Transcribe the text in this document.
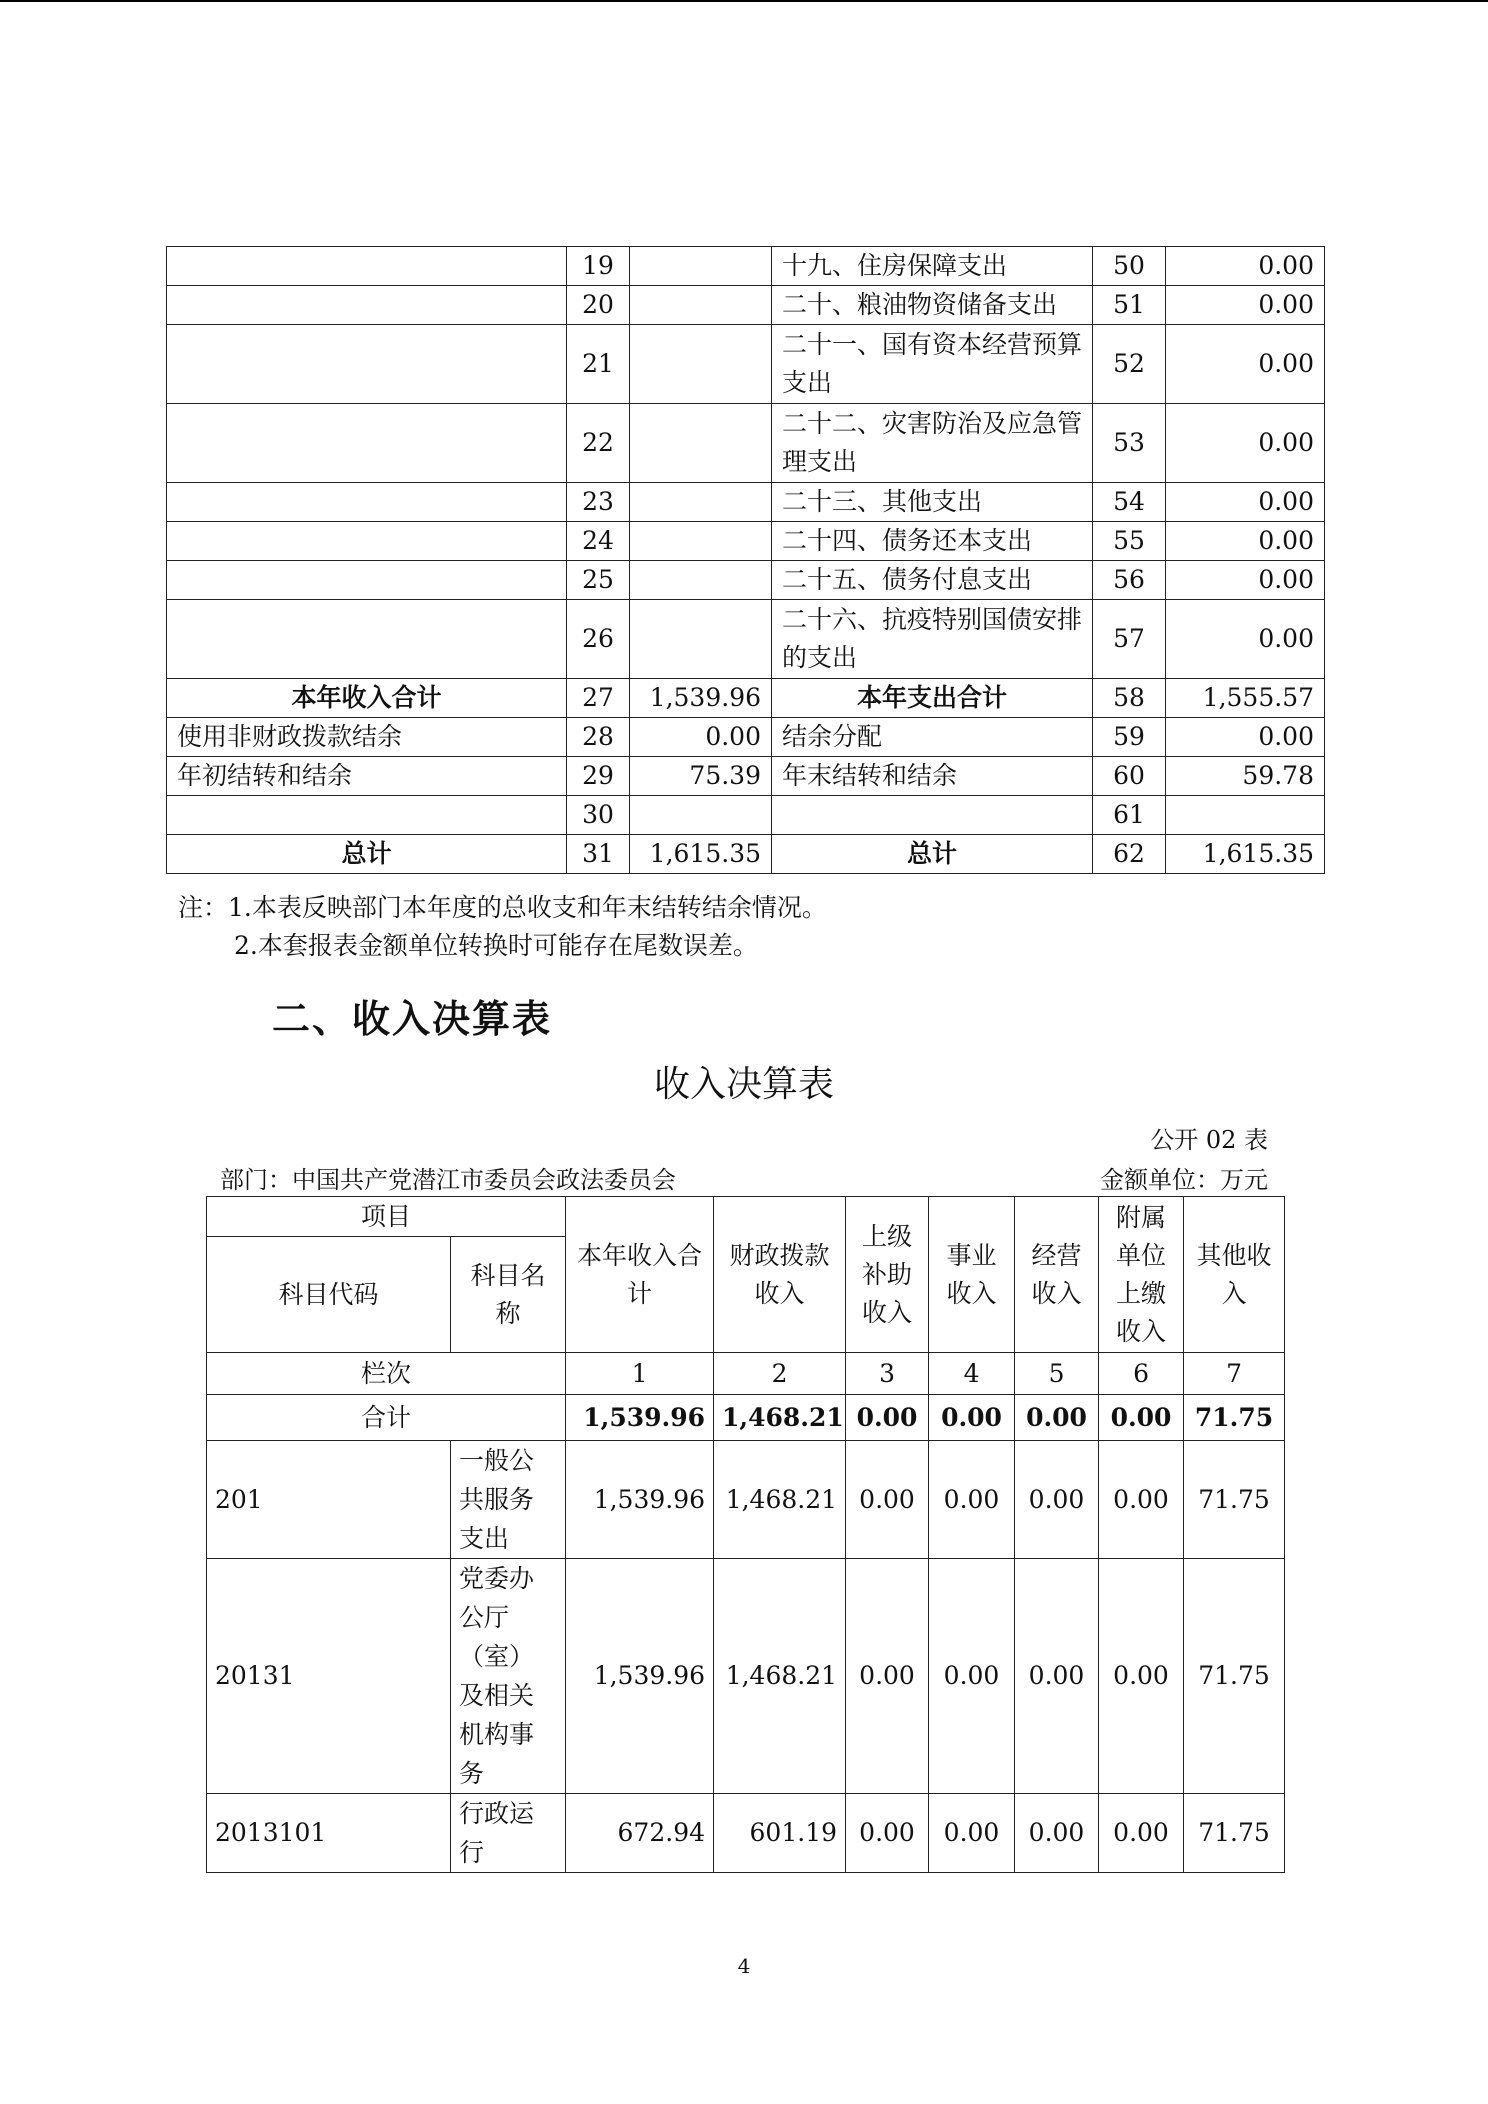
	19		十九、住房保障支出	50	0.00
	20		二十、粮油物资储备支出	51	0.00
	21		二十一、国有资本经营预算支出	52	0.00
	22		二十二、灾害防治及应急管理支出	53	0.00
	23		二十三、其他支出	54	0.00
	24		二十四、债务还本支出	55	0.00
	25		二十五、债务付息支出	56	0.00
	26		二十六、抗疫特别国债安排的支出	57	0.00
本年收入合计	27	1,539.96	本年支出合计	58	1,555.57
使用非财政拨款结余	28	0.00	结余分配	59	0.00
年初结转和结余	29	75.39	年末结转和结余	60	59.78
	30			61	
总计	31	1,615.35	总计	62	1,615.35
注：1.本表反映部门本年度的总收支和年末结转结余情况。
2.本套报表金额单位转换时可能存在尾数误差。
二、收入决算表
收入决算表
公开 02 表
部门：中国共产党潜江市委员会政法委员会	金额单位：万元
项目		本年收入合计	财政拨款收入	上级补助收入	事业收入	经营收入	附属单位上缴收入	其他收入
科目代码	科目名称							
栏次		1	2	3	4	5	6	7
合计		1,539.96	1,468.21	0.00	0.00	0.00	0.00	71.75
201	一般公共服务支出	1,539.96	1,468.21	0.00	0.00	0.00	0.00	71.75
20131	党委办公厅（室）及相关机构事务	1,539.96	1,468.21	0.00	0.00	0.00	0.00	71.75
2013101	行政运行	672.94	601.19	0.00	0.00	0.00	0.00	71.75
4
